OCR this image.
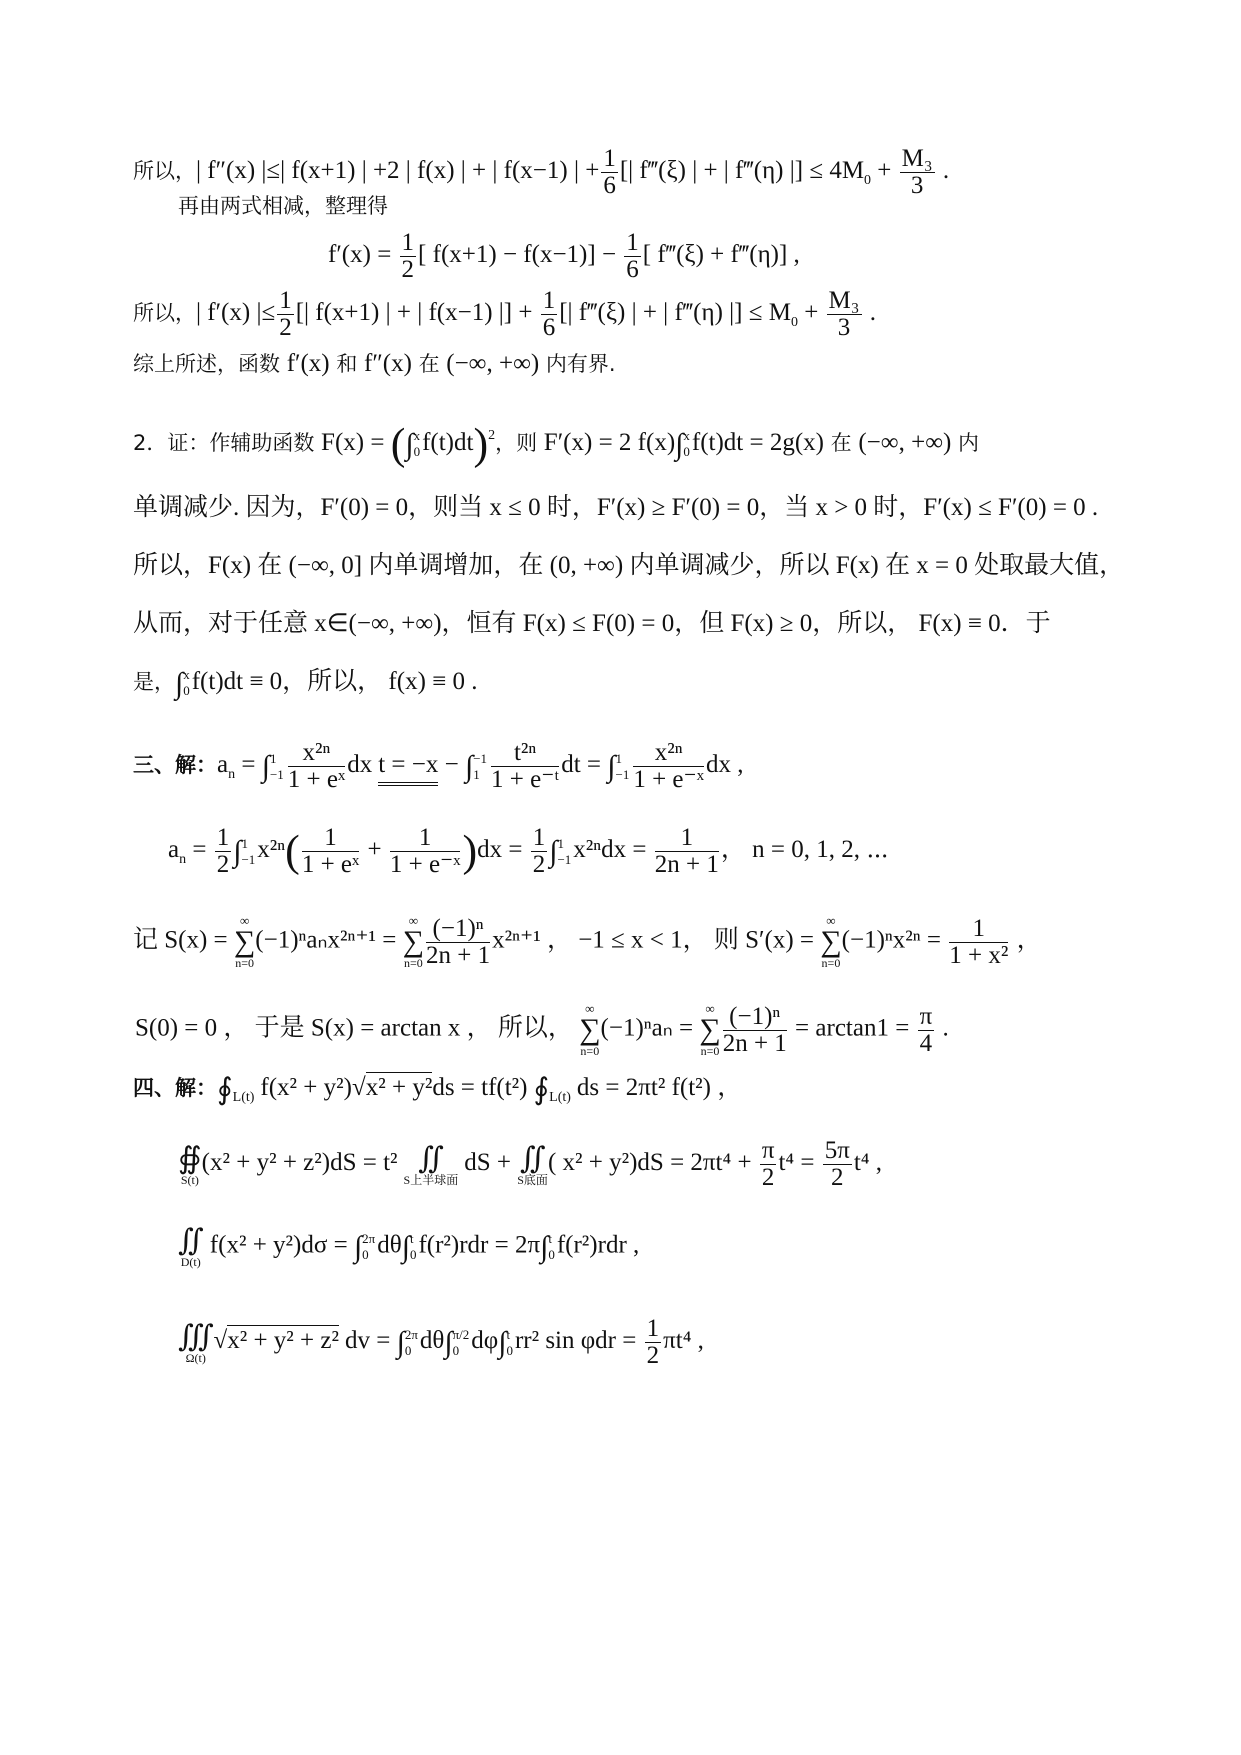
所以，| f″(x) |≤| f(x+1) | +2 | f(x) | + | f(x−1) | + $\frac{1}{6}$ [| f‴(ξ) | + | f‴(η) |] ≤ $4M_0 + \frac{\text{M₃}}{3}$ .
再由两式相减，整理得
$f'(x) = \frac{1}{2}$ [ $f(x+1) - f(x-1)] - \frac{1}{6}$ [ f‴(ξ) + f‴(η)] ,
所以，| f′(x) |≤ $\frac{1}{2}$ [| f(x+1) | + | f(x−1) |] + $\frac{1}{6}$ [| f‴(ξ) | + | f‴(η) |] ≤ $M_0 + \frac{\text{M₃}}{3}$ .
综上所述，函数 f′(x) 和 f″(x) 在 (−∞, +∞) 内有界.
2．证：作辅助函数 F(x) = (∫ x
0 f(t)dt)$^2$，则 F′(x) = 2 f(x)∫ x
0 f(t)dt = 2g(x) 在 (−∞, +∞) 内
单调减少. 因为，F′(0) = 0，则当 x ≤ 0 时，F′(x) ≥ F′(0) = 0，当 x > 0 时，F′(x) ≤ F′(0) = 0 .
所以，F(x) 在 (−∞, 0] 内单调增加，在 (0, +∞) 内单调减少，所以 F(x) 在 x = 0 处取最大值，
从而，对于任意 x∈(−∞, +∞)，恒有 F(x) ≤ F(0) = 0，但 F(x) ≥ 0，所以， F(x) ≡ 0．于
是，∫ x
0 f(t)dt ≡ 0，所以， f(x) ≡ 0 .
三、解：$a_n$ = ∫ 1
$-1 \frac{\text{x²ⁿ}}{\text{1 + eˣ}}$ dx t = −x − ∫ −1
$1 \frac{\text{t²ⁿ}}{\text{1 + e⁻ᵗ}}$ dt = ∫ 1
$-1 \frac{\text{x²ⁿ}}{\text{1 + e⁻ˣ}}$ dx ,
$a_n = \frac{1}{2}$ ∫ 1
−1 $x^{2n}( \frac{1}{\text{1 + eˣ}} + \frac{1}{\text{1 + e⁻ˣ}} )dx = \frac{1}{2}$ ∫ 1
−1 $x^{2n}dx = \frac{1}{2n + 1}$ ， n = 0, 1, 2, ⋯
记 S(x) =
∞
∑
n=0
(−1)ⁿaₙx²ⁿ⁺¹ =
∞
∑
$n=0 \frac{\text{(−1)ⁿ}}{2n + 1} x^{2n+1}$ ， −1 ≤ x < 1， 则 S′(x) =
∞
∑
n=0
$(-1)^nx^{2n} = \frac{1}{\text{1 + x²}}$ ，
S(0) = 0 ， 于是 S(x) = arctan x ， 所以，
∞
∑
n=0
(−1)ⁿaₙ =
∞
∑
$n=0 \frac{\text{(−1)ⁿ}}{2n + 1} = \arctan 1 = \frac{\pi}{4}$ .
四、解：$∮_{L(t)}$ f(x² + y²)√x² + y²ds = tf(t²) $∮_{L(t)}$ ds = 2πt² f(t²) ，
∯
S(t)
(x² + y² + z²)dS = t² ∬
S上半球面
dS + ∬
S底面
( $x^2 + y^2)dS = 2\pi t^4 + \frac{\pi}{2} t^4 = \frac{5\pi}{2} t^4$ ,
∬
D(t)
f(x² + y²)dσ = ∫ 2π
0 dθ∫ t
0 f(r²)rdr = 2π∫ t
0 f(r²)rdr ,
∭
Ω(t)
√x² + y² + z² dv = ∫ 2π
0 dθ∫ π/2
0 dφ∫ t
0 rr² $\sin \varphi dr = \frac{1}{2} \pi t^4$ ,
